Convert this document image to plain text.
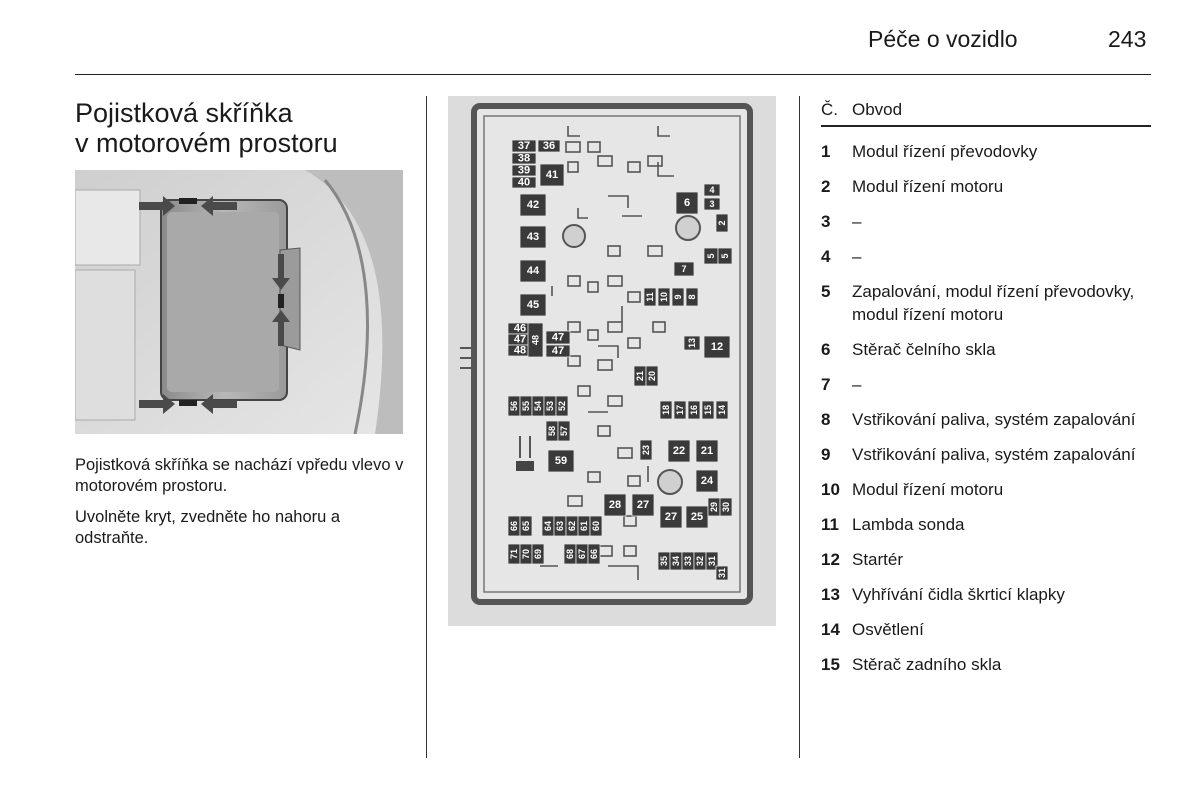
Péče o vozidlo	243
Pojistková skříňka
v motorovém prostoru

Pojistková skříňka se nachází vpředu vlevo v motorovém prostoru.

Uvolněte kryt, zvedněte ho nahoru a odstraňte.

37 36
38
39
40
41
42
43
44
45
46
47
48
48 47
47
6
4
3
2
5 5
7
11 10 9 8
13 12
21 20
18 17 16 15 14
56 55 54 53 52
58 57
59
23 22 21
24
27 25
29 30
28 27
66 65 64 63 62 61 60
71 70 69 68 67 66
35 34 33 32 31
31
Č. Obvod
1	Modul řízení převodovky
2	Modul řízení motoru
3	–
4	–
5	Zapalování, modul řízení převodovky, modul řízení motoru
6	Stěrač čelního skla
7	–
8	Vstřikování paliva, systém zapalování
9	Vstřikování paliva, systém zapalování
10 Modul řízení motoru
11 Lambda sonda
12 Startér
13 Vyhřívání čidla škrticí klapky
14 Osvětlení
15 Stěrač zadního skla
